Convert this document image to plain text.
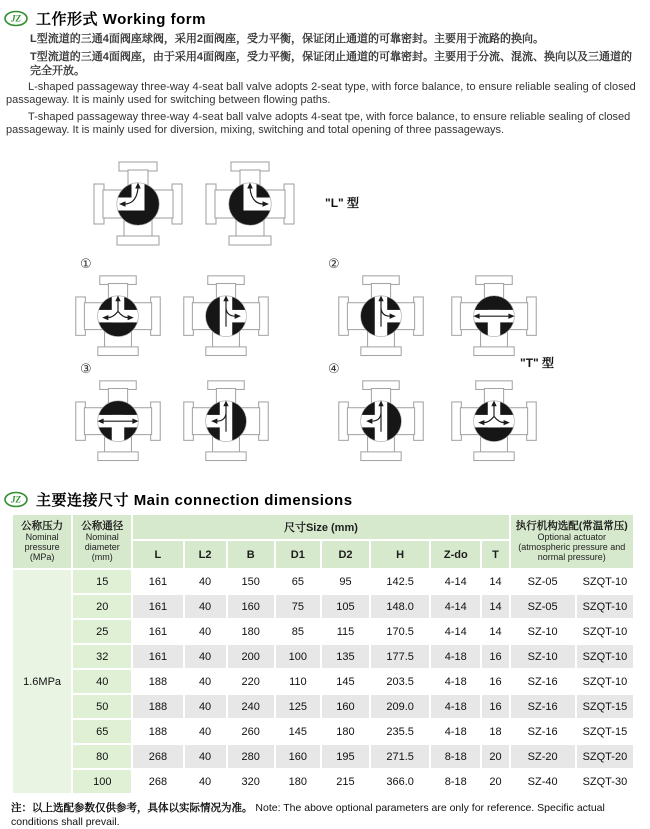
工作形式 Working form
L型流道的三通4面阀座球阀，采用2面阀座，受力平衡，保证闭止通道的可靠密封。主要用于流路的换向。
T型流道的三通4面阀座，由于采用4面阀座，受力平衡，保证闭止通道的可靠密封。主要用于分流、混流、换向以及三通道的完全开放。
L-shaped passageway three-way 4-seat ball valve adopts 2-seat type, with force balance, to ensure reliable sealing of closed passageway. It is mainly used for switching between flowing paths.
T-shaped passageway three-way 4-seat ball valve adopts 4-seat tpe, with force balance, to ensure reliable sealing of closed passageway. It is mainly used for diversion, mixing, switching and total opening of three passageways.
"L" 型
①	②
"T" 型
③	④
主要连接尺寸 Main connection dimensions
公称压力
Nominal pressure
(MPa)	公称通径
Nominal diameter
(mm)	尺寸Size (mm)								执行机构选配(常温常压)
Optional actuator (atmospheric pressure and normal pressure)	

		L	L2	B	D1	D2	H	Z-do	T		
1.6MPa	15	161	40	150	65	95	142.5	4-14	14	SZ-05	SZQT-10
	20	161	40	160	75	105	148.0	4-14	14	SZ-05	SZQT-10
	25	161	40	180	85	115	170.5	4-14	14	SZ-10	SZQT-10
	32	161	40	200	100	135	177.5	4-18	16	SZ-10	SZQT-10
	40	188	40	220	110	145	203.5	4-18	16	SZ-16	SZQT-10
	50	188	40	240	125	160	209.0	4-18	16	SZ-16	SZQT-15
	65	188	40	260	145	180	235.5	4-18	18	SZ-16	SZQT-15
	80	268	40	280	160	195	271.5	8-18	20	SZ-20	SZQT-20
	100	268	40	320	180	215	366.0	8-18	20	SZ-40	SZQT-30
注：以上选配参数仅供参考，具体以实际情况为准。 Note: The above optional parameters are only for reference. Specific actual conditions shall prevail.
